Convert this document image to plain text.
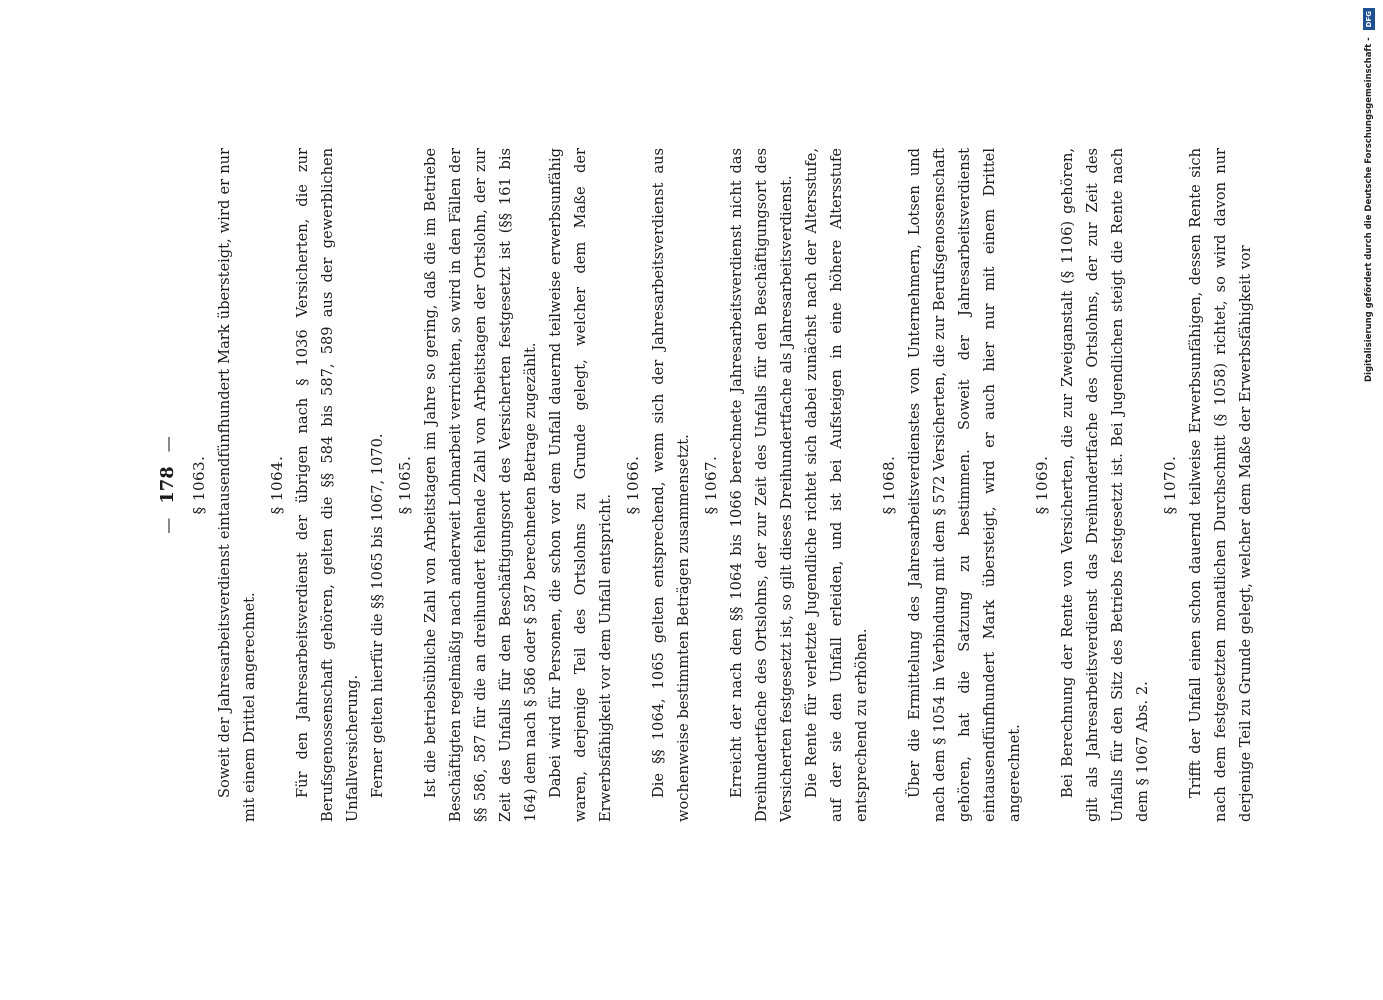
—
178
—
§ 1063. Soweit der Jahresarbeitsverdienst eintausendfünfhundert Mark übersteigt, wird er nur mit einem Drittel angerechnet.

§ 1064. Für den Jahresarbeitsverdienst der übrigen nach § 1036 Versicherten, die zur Berufsgenossenschaft gehören, gelten die §§ 584 bis 587, 589 aus der gewerblichen Unfallversicherung. Ferner gelten hierfür die §§ 1065 bis 1067, 1070. § 1065. Ist die betriebsübliche Zahl von Arbeitstagen im Jahre so gering, daß die im Betriebe Beschäftigten regelmäßig nach anderweit Lohnarbeit verrichten, so wird in den Fällen der §§ 586, 587 für die an dreihundert fehlende Zahl von Arbeitstagen der Ortslohn, der zur Zeit des Unfalls für den Beschäftigungsort des Versicherten festgesetzt ist (§§ 161 bis 164) dem nach § 586 oder § 587 berechneten Betrage zugezählt. Dabei wird für Personen, die schon vor dem Unfall dauernd teilweise erwerbsunfähig waren, derjenige Teil des Ortslohns zu Grunde gelegt, welcher dem Maße der Erwerbsfähigkeit vor dem Unfall entspricht.

§ 1066. Die §§ 1064, 1065 gelten entsprechend, wenn sich der Jahresarbeitsverdienst aus wochenweise bestimmten Beträgen zusammensetzt. § 1067. Erreicht der nach den §§ 1064 bis 1066 berechnete Jahresarbeitsverdienst nicht das Dreihundertfache des Ortslohns, der zur Zeit des Unfalls für den Beschäftigungsort des Versicherten festgesetzt ist, so gilt dieses Dreihundertfache als Jahresarbeitsverdienst. Die Rente für verletzte Jugendliche richtet sich dabei zunächst nach der Altersstufe, auf der sie den Unfall erleiden, und ist bei Aufsteigen in eine höhere Altersstufe entsprechend zu erhöhen.

§ 1068. Über die Ermittelung des Jahresarbeitsverdienstes von Unternehmern, Lotsen und nach dem § 1054 in Verbindung mit dem § 572 Versicherten, die zur Berufsgenossenschaft gehören, hat die Satzung zu bestimmen. Soweit der Jahresarbeitsverdienst eintausendfünfhundert Mark übersteigt, wird er auch hier nur mit einem Drittel angerechnet.

§ 1069. Bei Berechnung der Rente von Versicherten, die zur Zweiganstalt (§ 1106) gehören, gilt als Jahresarbeitsverdienst das Dreihundertfache des Ortslohns, der zur Zeit des Unfalls für den Sitz des Betriebs festgesetzt ist. Bei Jugendlichen steigt die Rente nach dem § 1067 Abs. 2.

§ 1070. Trifft der Unfall einen schon dauernd teilweise Erwerbsunfähigen, dessen Rente sich nach dem festgesetzten monatlichen Durchschnitt (§ 1058) richtet, so wird davon nur derjenige Teil zu Grunde gelegt, welcher dem Maße der Erwerbsfähigkeit vor

Digitalisierung gefördert durch die Deutsche Forschungsgemeinschaft - DFG
